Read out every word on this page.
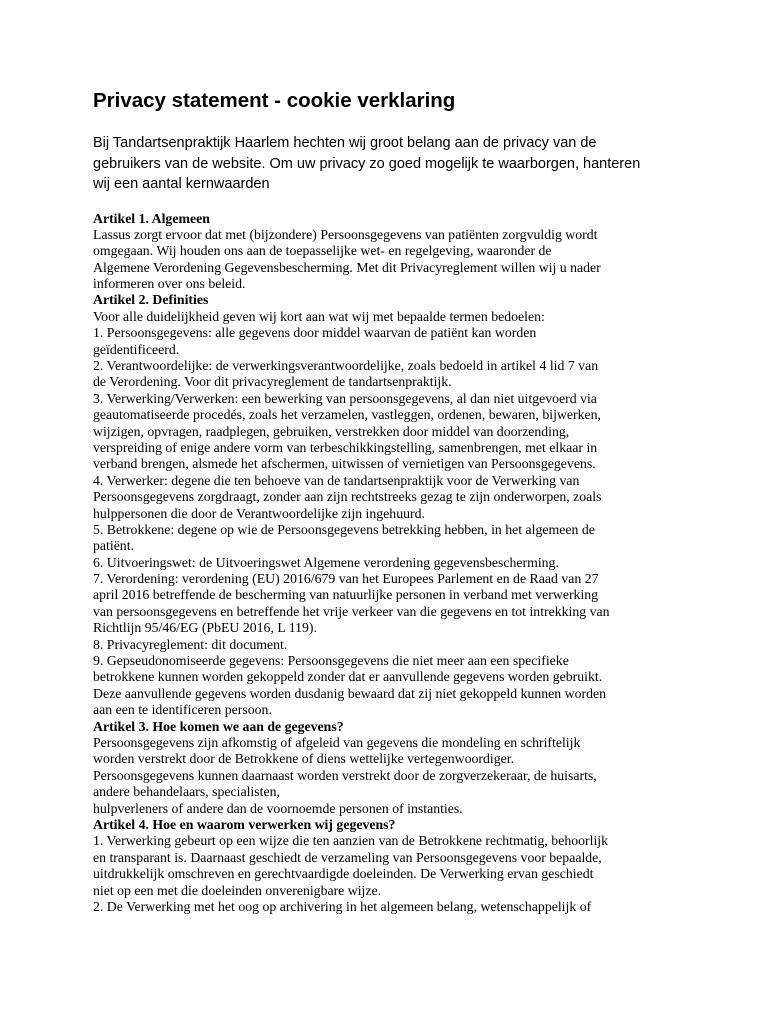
Privacy statement - cookie verklaring

Bij Tandartsenpraktijk Haarlem hechten wij groot belang aan de privacy van de gebruikers van de website. Om uw privacy zo goed mogelijk te waarborgen, hanteren wij een aantal kernwaarden

Artikel 1. Algemeen
Lassus zorgt ervoor dat met (bijzondere) Persoonsgegevens van patiënten zorgvuldig wordt
omgegaan. Wij houden ons aan de toepasselijke wet- en regelgeving, waaronder de
Algemene Verordening Gegevensbescherming. Met dit Privacyreglement willen wij u nader
informeren over ons beleid.
Artikel 2. Definities
Voor alle duidelijkheid geven wij kort aan wat wij met bepaalde termen bedoelen:
1. Persoonsgegevens: alle gegevens door middel waarvan de patiënt kan worden
geïdentificeerd.
2. Verantwoordelijke: de verwerkingsverantwoordelijke, zoals bedoeld in artikel 4 lid 7 van
de Verordening. Voor dit privacyreglement de tandartsenpraktijk.
3. Verwerking/Verwerken: een bewerking van persoonsgegevens, al dan niet uitgevoerd via
geautomatiseerde procedés, zoals het verzamelen, vastleggen, ordenen, bewaren, bijwerken,
wijzigen, opvragen, raadplegen, gebruiken, verstrekken door middel van doorzending,
verspreiding of enige andere vorm van terbeschikkingstelling, samenbrengen, met elkaar in
verband brengen, alsmede het afschermen, uitwissen of vernietigen van Persoonsgegevens.
4. Verwerker: degene die ten behoeve van de tandartsenpraktijk voor de Verwerking van
Persoonsgegevens zorgdraagt, zonder aan zijn rechtstreeks gezag te zijn onderworpen, zoals
hulppersonen die door de Verantwoordelijke zijn ingehuurd.
5. Betrokkene: degene op wie de Persoonsgegevens betrekking hebben, in het algemeen de
patiënt.
6. Uitvoeringswet: de Uitvoeringswet Algemene verordening gegevensbescherming.
7. Verordening: verordening (EU) 2016/679 van het Europees Parlement en de Raad van 27
april 2016 betreffende de bescherming van natuurlijke personen in verband met verwerking
van persoonsgegevens en betreffende het vrije verkeer van die gegevens en tot intrekking van
Richtlijn 95/46/EG (PbEU 2016, L 119).
8. Privacyreglement: dit document.
9. Gepseudonomiseerde gegevens: Persoonsgegevens die niet meer aan een specifieke
betrokkene kunnen worden gekoppeld zonder dat er aanvullende gegevens worden gebruikt.
Deze aanvullende gegevens worden dusdanig bewaard dat zij niet gekoppeld kunnen worden
aan een te identificeren persoon.
Artikel 3. Hoe komen we aan de gegevens?
Persoonsgegevens zijn afkomstig of afgeleid van gegevens die mondeling en schriftelijk
worden verstrekt door de Betrokkene of diens wettelijke vertegenwoordiger.
Persoonsgegevens kunnen daarnaast worden verstrekt door de zorgverzekeraar, de huisarts,
andere behandelaars, specialisten,
hulpverleners of andere dan de voornoemde personen of instanties.
Artikel 4. Hoe en waarom verwerken wij gegevens?
1. Verwerking gebeurt op een wijze die ten aanzien van de Betrokkene rechtmatig, behoorlijk
en transparant is. Daarnaast geschiedt de verzameling van Persoonsgegevens voor bepaalde,
uitdrukkelijk omschreven en gerechtvaardigde doeleinden. De Verwerking ervan geschiedt
niet op een met die doeleinden onverenigbare wijze.
2. De Verwerking met het oog op archivering in het algemeen belang, wetenschappelijk of
